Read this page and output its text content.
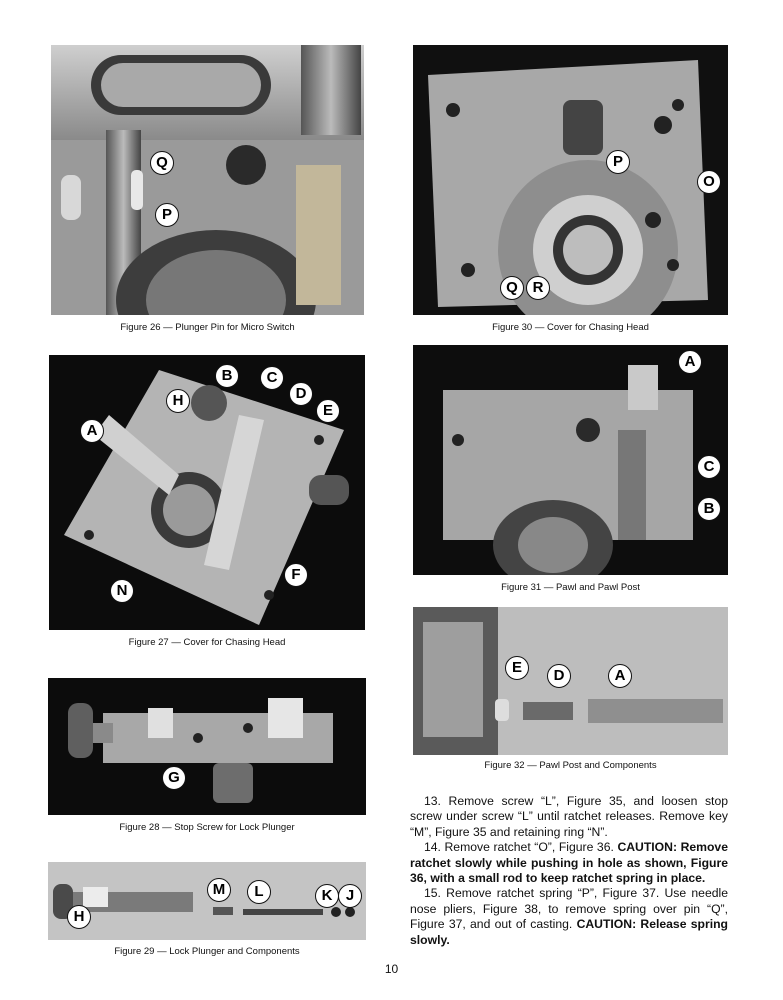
Q
P
Figure 26 — Plunger Pin for Micro Switch
P
O
Q R
Figure 30 — Cover for Chasing Head
B	C
D
E
H
A
N
F
Figure 27 — Cover for Chasing Head
A
C
B
Figure 31 — Pawl and Pawl Post
E	D	A
Figure 32 — Pawl Post and Components
G
Figure 28 — Stop Screw for Lock Plunger
M	L	K J
H
Figure 29 — Lock Plunger and Components

13. Remove screw “L”, Figure 35, and loosen stop screw under screw “L” until ratchet releases. Remove key “M”, Figure 35 and retaining ring “N”.

14. Remove ratchet “O”, Figure 36. CAUTION: Remove ratchet slowly while pushing in hole as shown, Figure 36, with a small rod to keep ratchet spring in place.

15. Remove ratchet spring “P”, Figure 37. Use needle nose pliers, Figure 38, to remove spring over pin “Q”, Figure 37, and out of casting. CAUTION: Release spring slowly.

10
